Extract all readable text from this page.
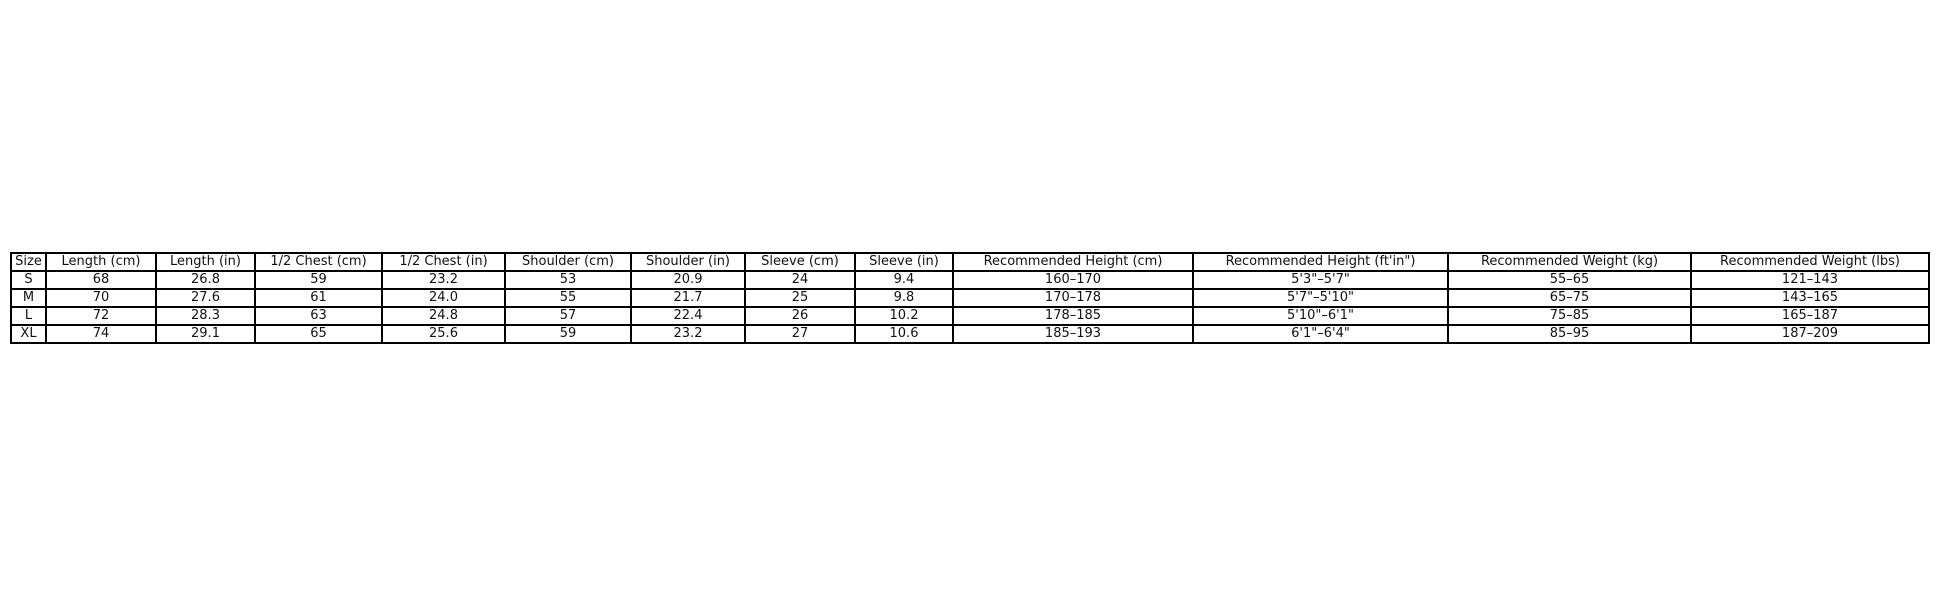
Size	Length (cm)	Length (in)	1/2 Chest (cm)	1/2 Chest (in)	Shoulder (cm)	Shoulder (in)	Sleeve (cm)	Sleeve (in)	Recommended Height (cm)	Recommended Height (ft'in")	Recommended Weight (kg)	Recommended Weight (lbs)
S	68	26.8	59	23.2	53	20.9	24	9.4	160–170	5'3"–5'7"	55–65	121–143
M	70	27.6	61	24.0	55	21.7	25	9.8	170–178	5'7"–5'10"	65–75	143–165
L	72	28.3	63	24.8	57	22.4	26	10.2	178–185	5'10"–6'1"	75–85	165–187
XL	74	29.1	65	25.6	59	23.2	27	10.6	185–193	6'1"–6'4"	85–95	187–209
